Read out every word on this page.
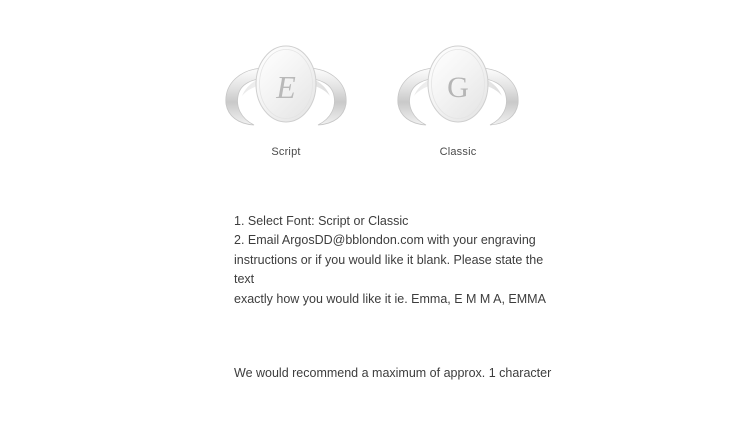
E
Script
G
Classic

1. Select Font: Script or Classic

2. Email ArgosDD@bblondon.com with your engraving

instructions or if you would like it blank. Please state the text

exactly how you would like it ie. Emma, E M M A, EMMA

We would recommend a maximum of approx. 1 character
